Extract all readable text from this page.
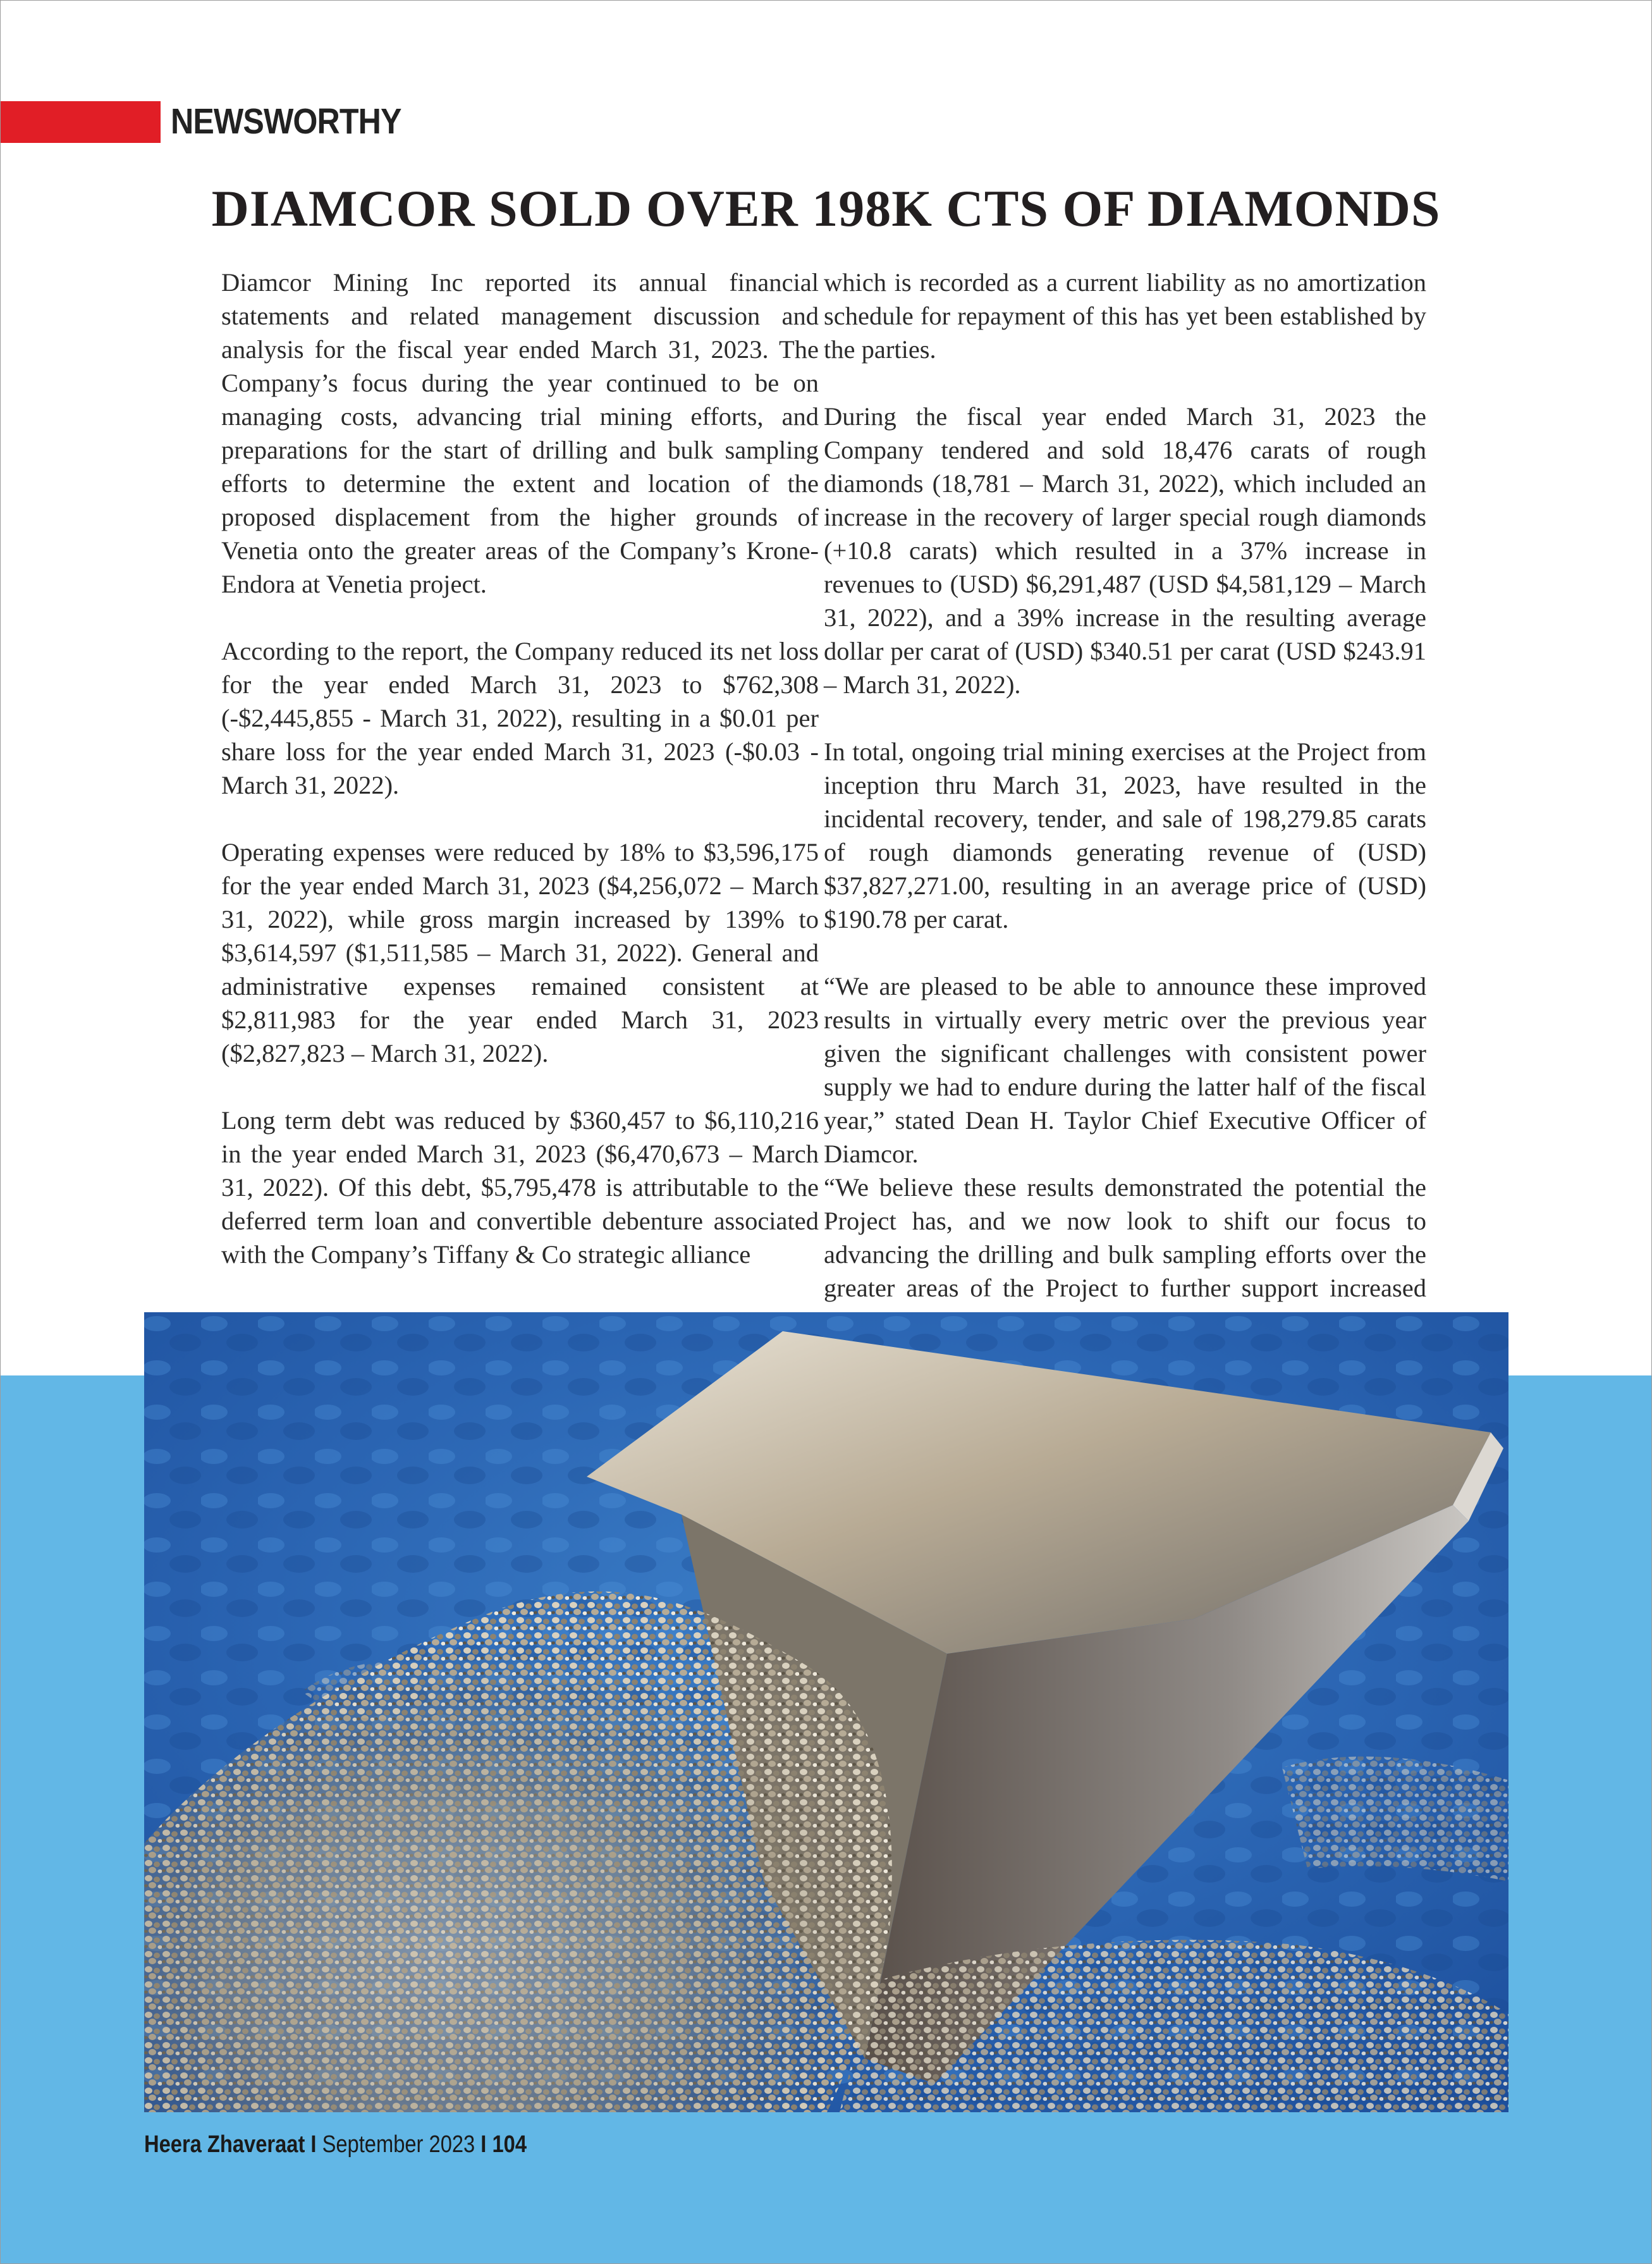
NEWSWORTHY
DIAMCOR SOLD OVER 198K CTS OF DIAMONDS

Diamcor Mining Inc reported its annual financial statements and related management discussion and analysis for the fiscal year ended March 31, 2023. The Company’s focus during the year continued to be on managing costs, advancing trial mining efforts, and preparations for the start of drilling and bulk sampling efforts to determine the extent and location of the proposed displacement from the higher grounds of Venetia onto the greater areas of the Company’s Krone-Endora at Venetia project.

According to the report, the Company reduced its net loss for the year ended March 31, 2023 to $762,308 (-$2,445,855 - March 31, 2022), resulting in a $0.01 per share loss for the year ended March 31, 2023 (-$0.03 - March 31, 2022).

Operating expenses were reduced by 18% to $3,596,175 for the year ended March 31, 2023 ($4,256,072 – March 31, 2022), while gross margin increased by 139% to $3,614,597 ($1,511,585 – March 31, 2022). General and administrative expenses remained consistent at $2,811,983 for the year ended March 31, 2023 ($2,827,823 – March 31, 2022).

Long term debt was reduced by $360,457 to $6,110,216 in the year ended March 31, 2023 ($6,470,673 – March 31, 2022). Of this debt, $5,795,478 is attributable to the deferred term loan and convertible debenture associated with the Company’s Tiffany & Co strategic alliance

which is recorded as a current liability as no amortization schedule for repayment of this has yet been established by the parties.

During the fiscal year ended March 31, 2023 the Company tendered and sold 18,476 carats of rough diamonds (18,781 – March 31, 2022), which included an increase in the recovery of larger special rough diamonds (+10.8 carats) which resulted in a 37% increase in revenues to (USD) $6,291,487 (USD $4,581,129 – March 31, 2022), and a 39% increase in the resulting average dollar per carat of (USD) $340.51 per carat (USD $243.91 – March 31, 2022).

In total, ongoing trial mining exercises at the Project from inception thru March 31, 2023, have resulted in the incidental recovery, tender, and sale of 198,279.85 carats of rough diamonds generating revenue of (USD) $37,827,271.00, resulting in an average price of (USD) $190.78 per carat.

“We are pleased to be able to announce these improved results in virtually every metric over the previous year given the significant challenges with consistent power supply we had to endure during the latter half of the fiscal year,” stated Dean H. Taylor Chief Executive Officer of Diamcor.

“We believe these results demonstrated the potential the Project has, and we now look to shift our focus to advancing the drilling and bulk sampling efforts over the greater areas of the Project to further support increased

Heera Zhaveraat I September 2023 I 104
